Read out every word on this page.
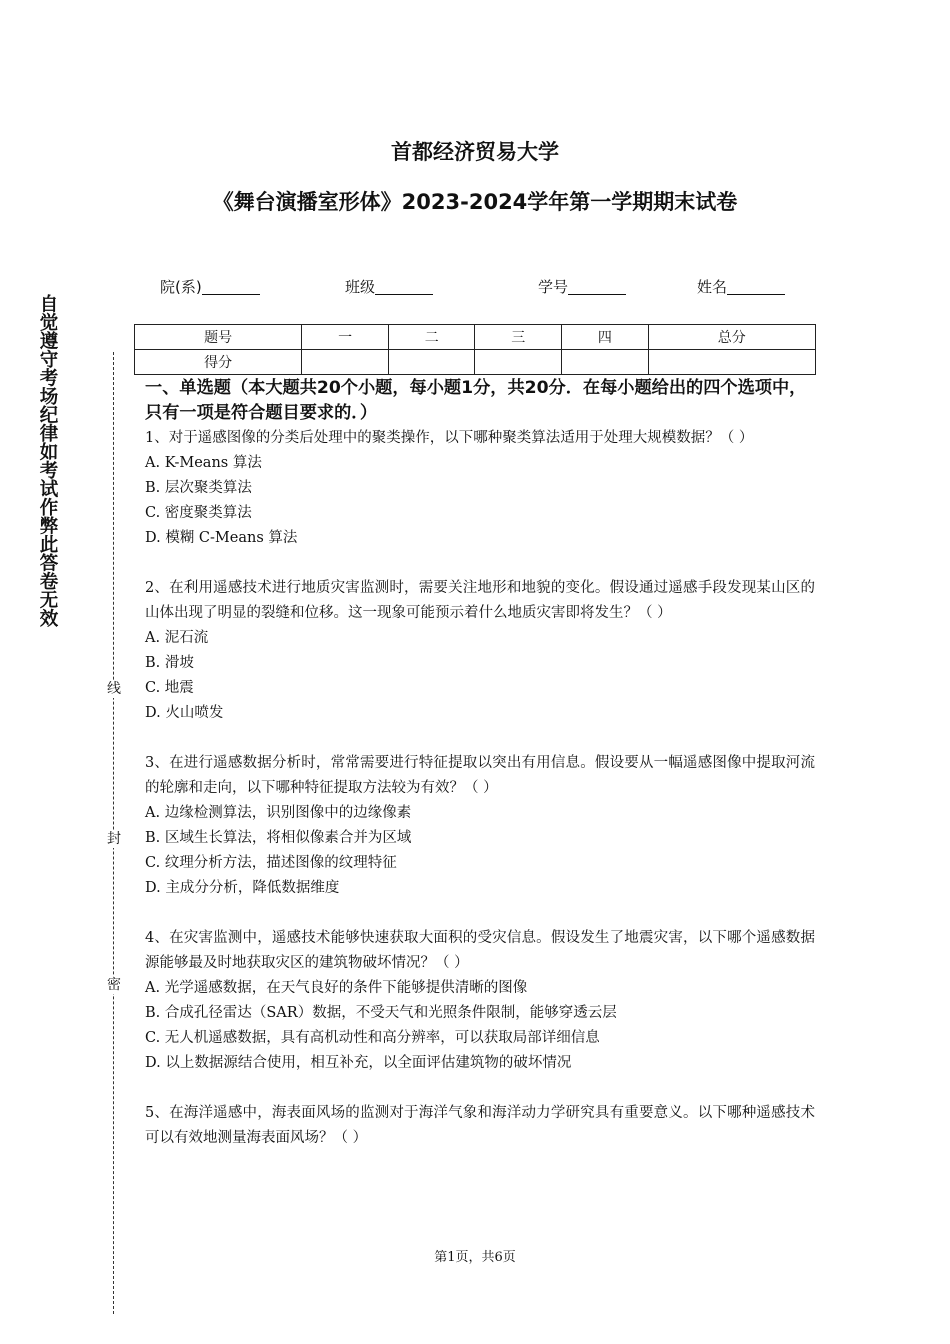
首都经济贸易大学
《舞台演播室形体》2023-2024学年第一学期期末试卷
院(系)	班级	学号	姓名
题号	一	二	三	四	总分
得分					
自觉遵守考场纪律如考试作弊此答卷无效
线
封
密

一、单选题（本大题共20个小题，每小题1分，共20分．在每小题给出的四个选项中，只有一项是符合题目要求的．）

1、对于遥感图像的分类后处理中的聚类操作，以下哪种聚类算法适用于处理大规模数据？（ ）

A. K-Means 算法

B. 层次聚类算法

C. 密度聚类算法

D. 模糊 C-Means 算法

2、在利用遥感技术进行地质灾害监测时，需要关注地形和地貌的变化。假设通过遥感手段发现某山区的山体出现了明显的裂缝和位移。这一现象可能预示着什么地质灾害即将发生？（ ）

A. 泥石流

B. 滑坡

C. 地震

D. 火山喷发

3、在进行遥感数据分析时，常常需要进行特征提取以突出有用信息。假设要从一幅遥感图像中提取河流的轮廓和走向，以下哪种特征提取方法较为有效？（ ）

A. 边缘检测算法，识别图像中的边缘像素

B. 区域生长算法，将相似像素合并为区域

C. 纹理分析方法，描述图像的纹理特征

D. 主成分分析，降低数据维度

4、在灾害监测中，遥感技术能够快速获取大面积的受灾信息。假设发生了地震灾害，以下哪个遥感数据源能够最及时地获取灾区的建筑物破坏情况？（ ）

A. 光学遥感数据，在天气良好的条件下能够提供清晰的图像

B. 合成孔径雷达（SAR）数据，不受天气和光照条件限制，能够穿透云层

C. 无人机遥感数据，具有高机动性和高分辨率，可以获取局部详细信息

D. 以上数据源结合使用，相互补充，以全面评估建筑物的破坏情况

5、在海洋遥感中，海表面风场的监测对于海洋气象和海洋动力学研究具有重要意义。以下哪种遥感技术可以有效地测量海表面风场？（ ）

第1页，共6页
